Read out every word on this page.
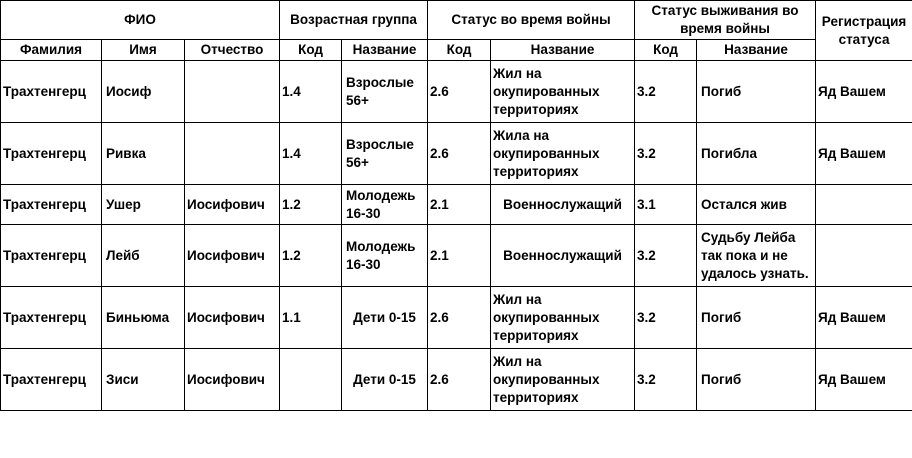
ФИО			Возрастная группа		Статус во время войны		Статус выживания во время войны		Регистрация статуса
Фамилия	Имя	Отчество	Код	Название	Код	Название	Код	Название	
Трахтенгерц	Иосиф		1.4	Взрослые 56+	2.6	Жил на окупированных территориях	3.2	Погиб	Яд Вашем
Трахтенгерц	Ривка		1.4	Взрослые 56+	2.6	Жила на окупированных территориях	3.2	Погибла	Яд Вашем
Трахтенгерц	Ушер	Иосифович	1.2	Молодежь 16-30	2.1	Военнослужащий	3.1	Остался жив	
Трахтенгерц	Лейб	Иосифович	1.2	Молодежь 16-30	2.1	Военнослужащий	3.2	Судьбу Лейба так пока и не удалось узнать.	
Трахтенгерц	Биньюма	Иосифович	1.1	Дети 0-15	2.6	Жил на окупированных территориях	3.2	Погиб	Яд Вашем
Трахтенгерц	Зиси	Иосифович		Дети 0-15	2.6	Жил на окупированных территориях	3.2	Погиб	Яд Вашем
